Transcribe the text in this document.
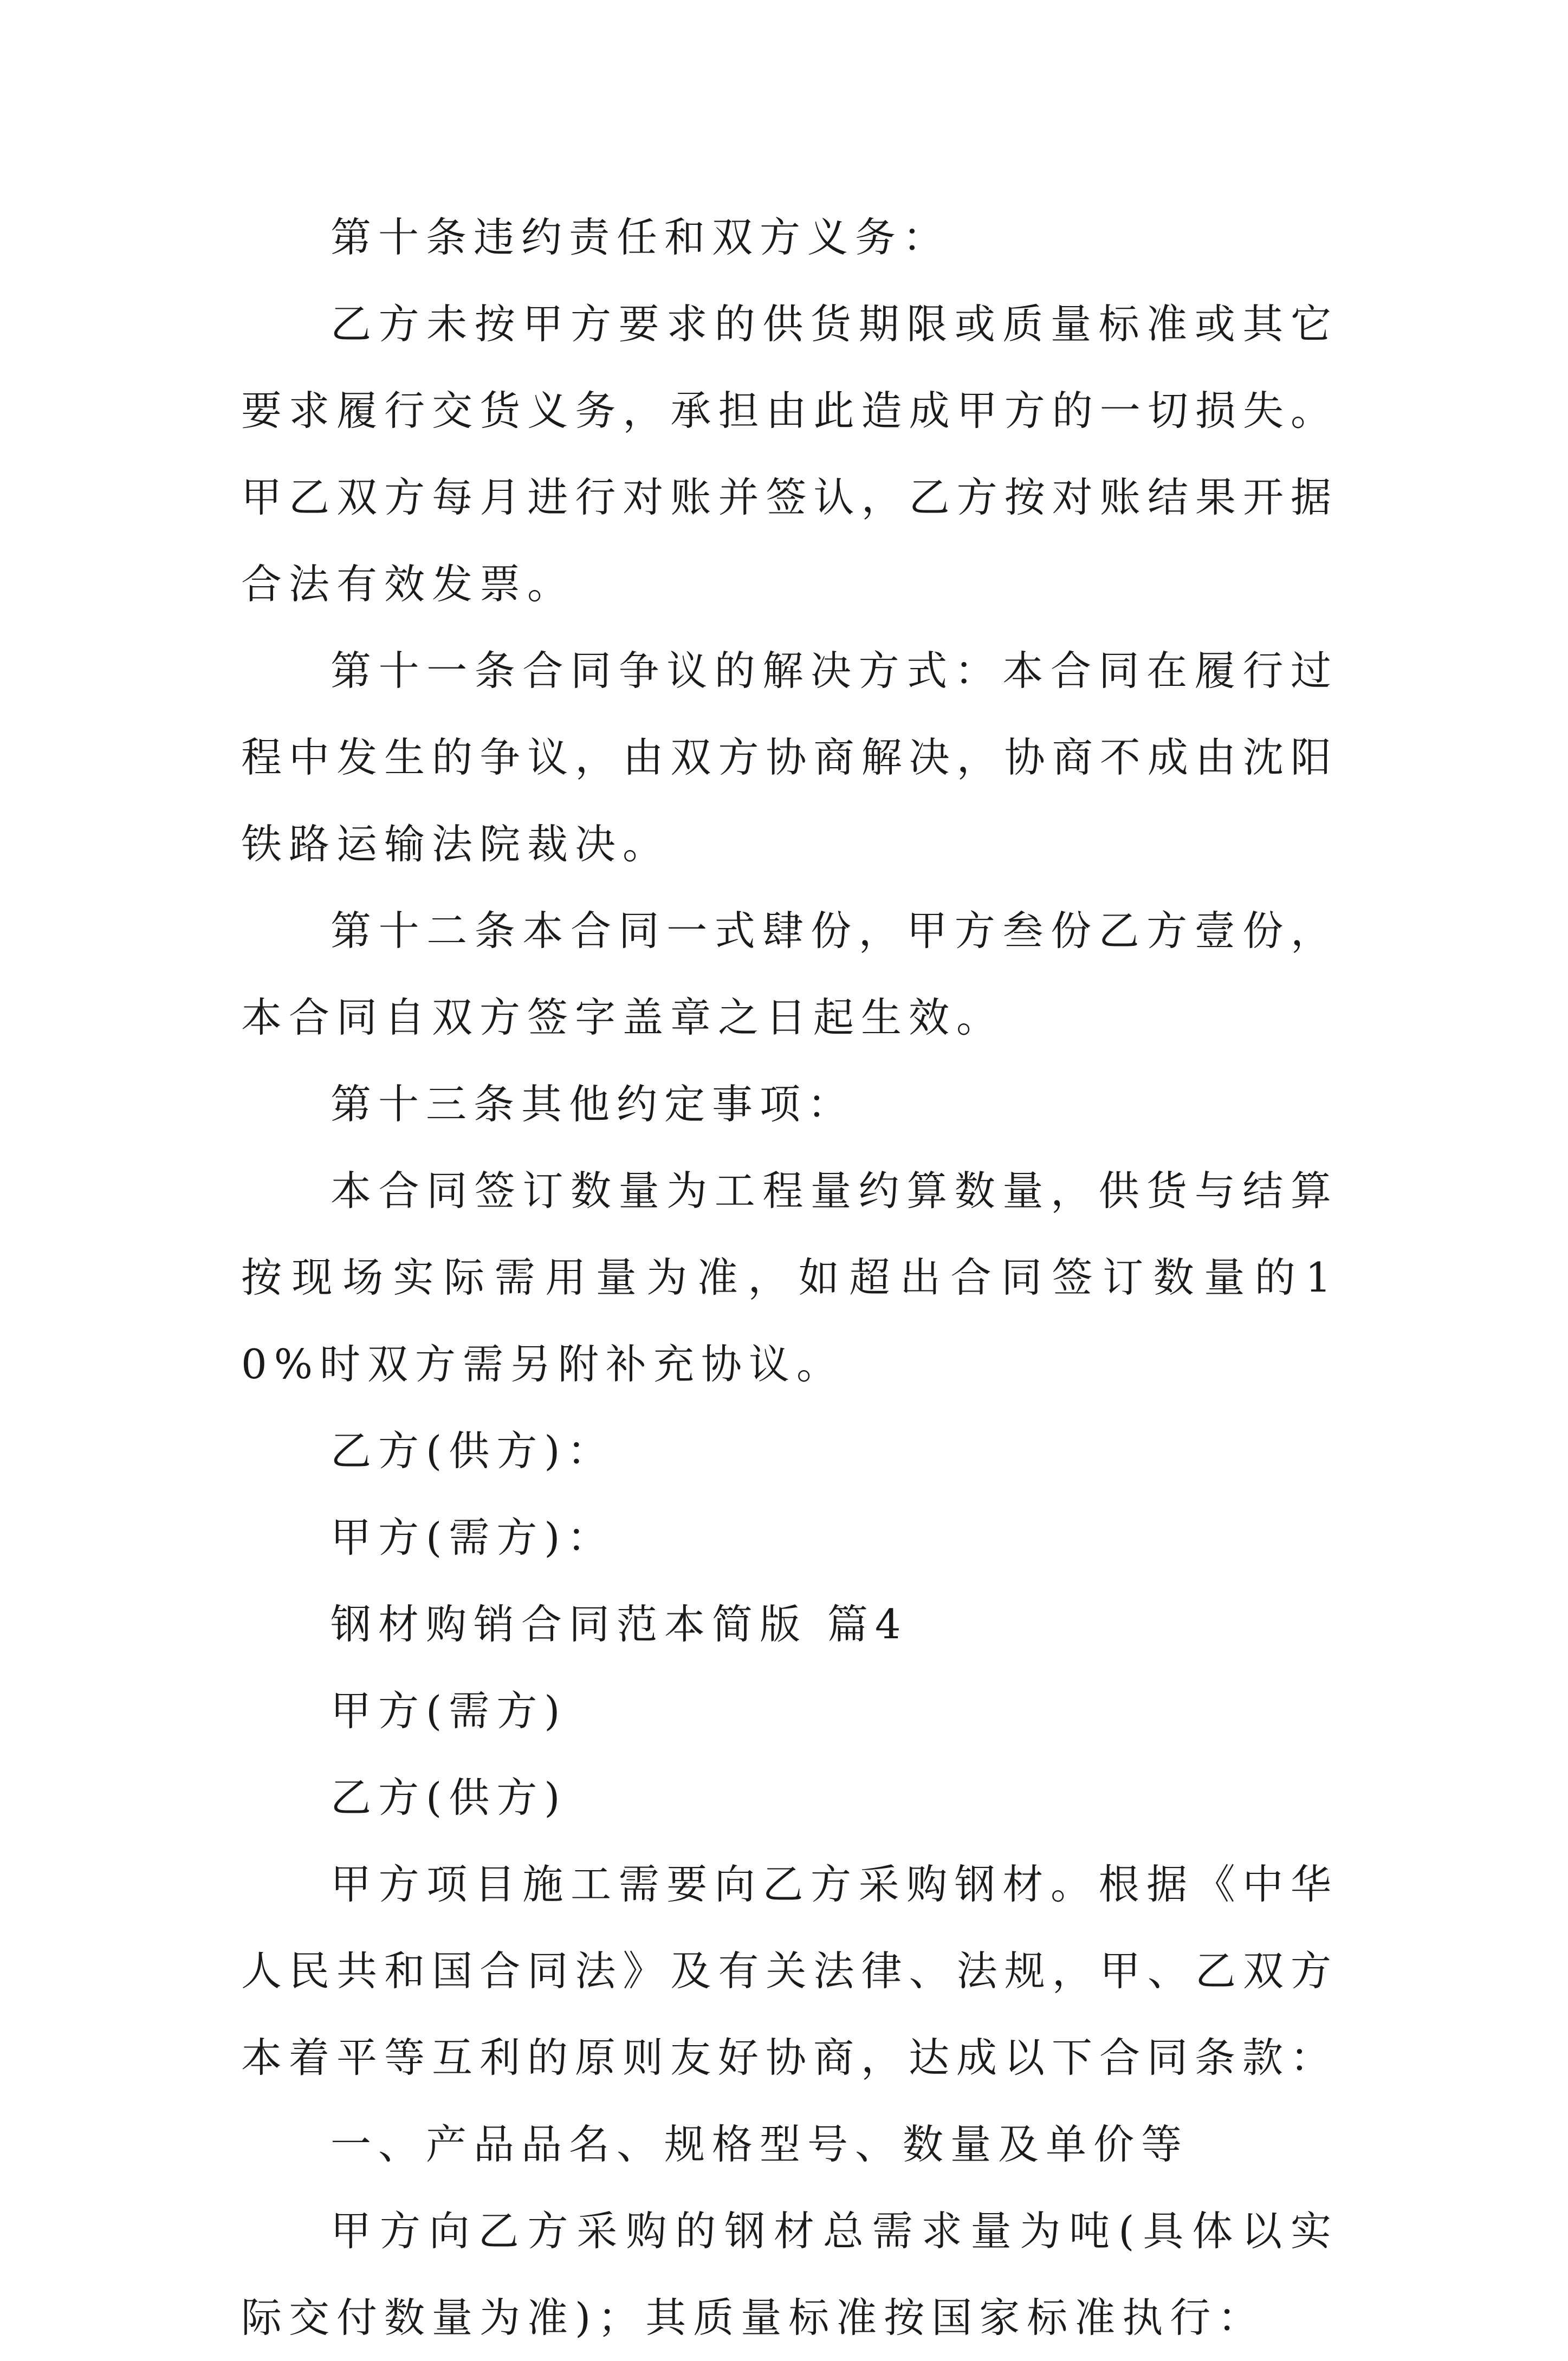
第十条违约责任和双方义务：

乙方未按甲方要求的供货期限或质量标准或其它要求履行交货义务，承担由此造成甲方的一切损失。甲乙双方每月进行对账并签认，乙方按对账结果开据合法有效发票。

第十一条合同争议的解决方式：本合同在履行过程中发生的争议，由双方协商解决，协商不成由沈阳铁路运输法院裁决。

第十二条本合同一式肆份，甲方叁份乙方壹份，本合同自双方签字盖章之日起生效。

第十三条其他约定事项：

本合同签订数量为工程量约算数量，供货与结算按现场实际需用量为准，如超出合同签订数量的10%时双方需另附补充协议。

乙方(供方)：

甲方(需方)：

钢材购销合同范本简版 篇4

甲方(需方)

乙方(供方)

甲方项目施工需要向乙方采购钢材。根据《中华人民共和国合同法》及有关法律、法规，甲、乙双方本着平等互利的原则友好协商，达成以下合同条款：

一、产品品名、规格型号、数量及单价等

甲方向乙方采购的钢材总需求量为吨(具体以实际交付数量为准)；其质量标准按国家标准执行：
